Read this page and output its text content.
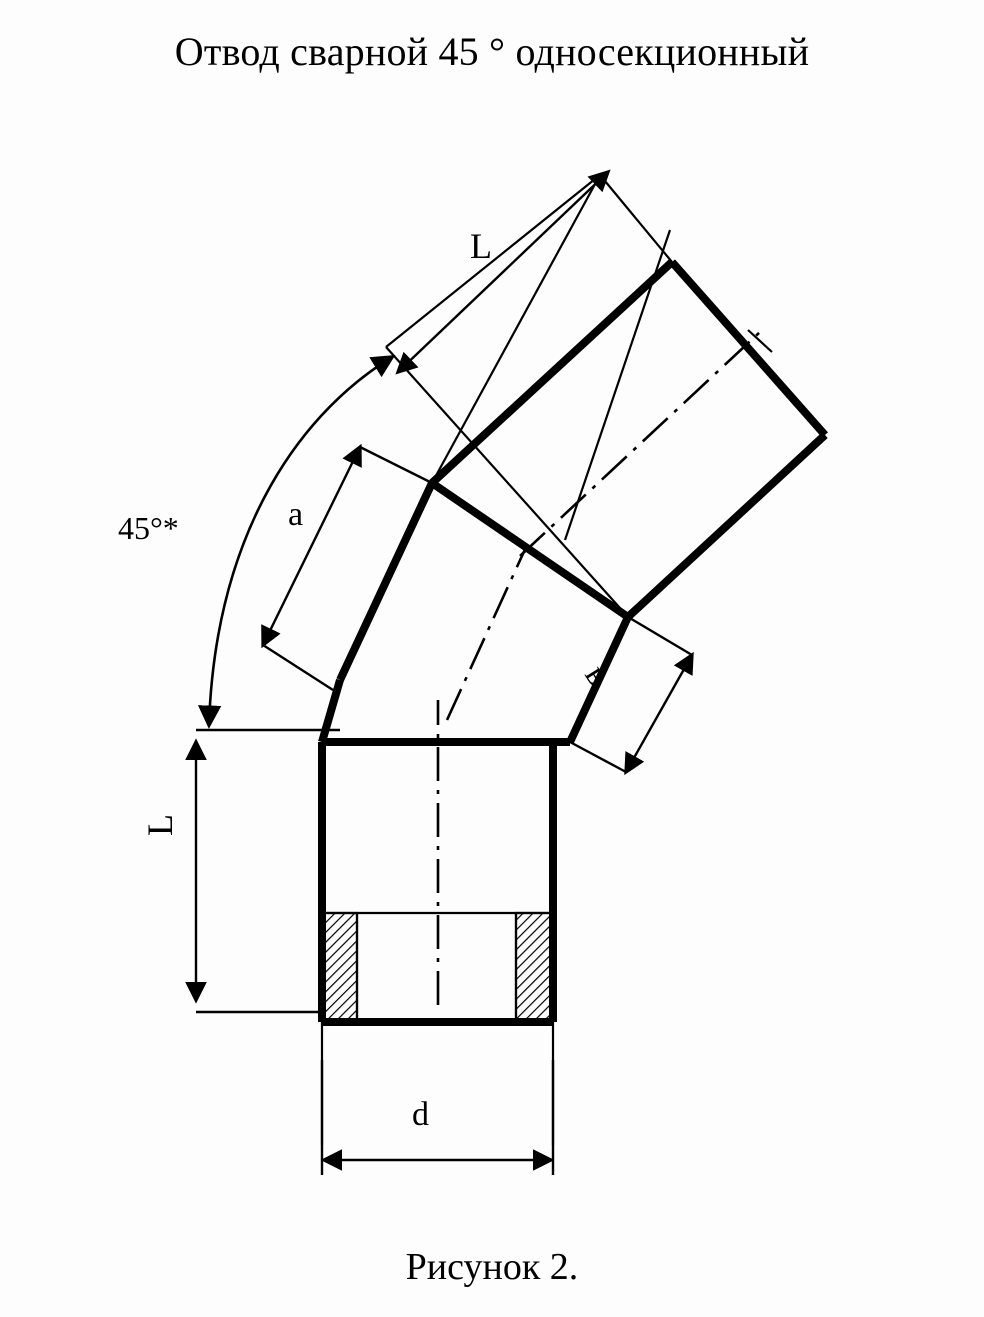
Отвод сварной 45 ° односекционный
45°*
L
a
в
L
d
Рисунок 2.
